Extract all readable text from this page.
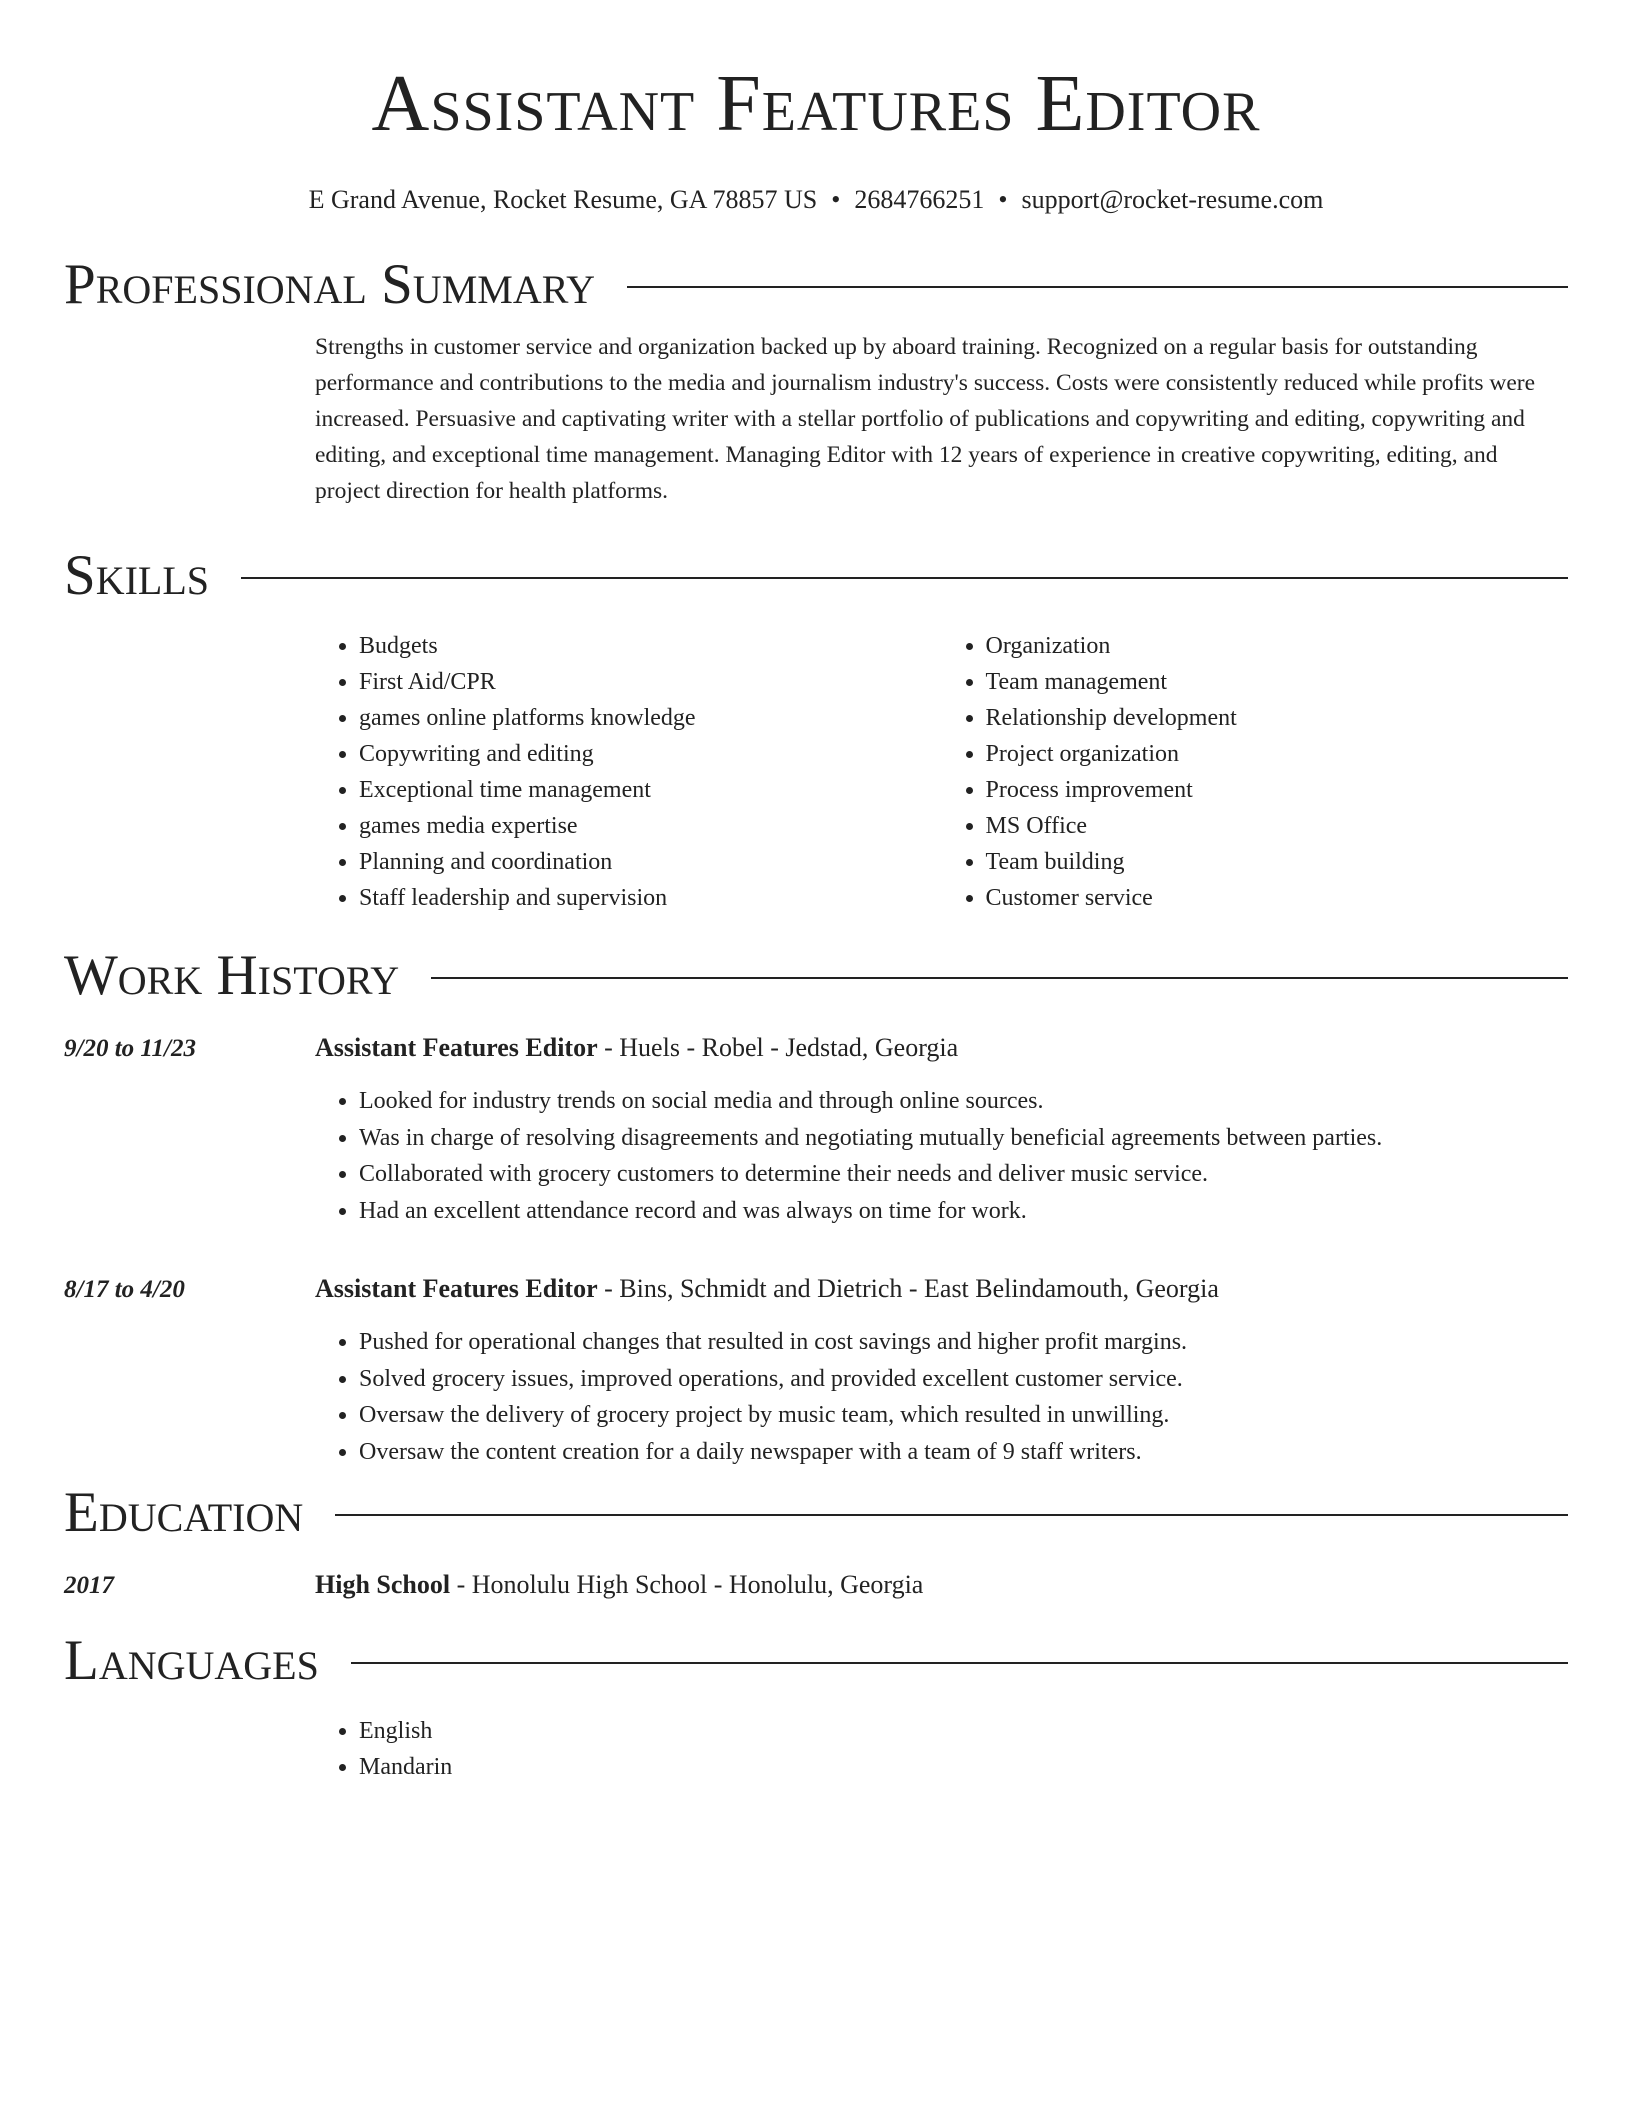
Assistant Features Editor
E Grand Avenue, Rocket Resume, GA 78857 US • 2684766251 • support@rocket-resume.com
Professional Summary
Strengths in customer service and organization backed up by aboard training. Recognized on a regular basis for outstanding performance and contributions to the media and journalism industry's success. Costs were consistently reduced while profits were increased. Persuasive and captivating writer with a stellar portfolio of publications and copywriting and editing, copywriting and editing, and exceptional time management. Managing Editor with 12 years of experience in creative copywriting, editing, and project direction for health platforms.
Skills
• Budgets
• First Aid/CPR
• games online platforms knowledge
• Copywriting and editing
• Exceptional time management
• games media expertise
• Planning and coordination
• Staff leadership and supervision
• Organization
• Team management
• Relationship development
• Project organization
• Process improvement
• MS Office
• Team building
• Customer service
Work History
9/20 to 11/23	Assistant Features Editor - Huels - Robel - Jedstad, Georgia
• Looked for industry trends on social media and through online sources.
• Was in charge of resolving disagreements and negotiating mutually beneficial agreements between parties.
• Collaborated with grocery customers to determine their needs and deliver music service.
• Had an excellent attendance record and was always on time for work.
8/17 to 4/20	Assistant Features Editor - Bins, Schmidt and Dietrich - East Belindamouth, Georgia
• Pushed for operational changes that resulted in cost savings and higher profit margins.
• Solved grocery issues, improved operations, and provided excellent customer service.
• Oversaw the delivery of grocery project by music team, which resulted in unwilling.
• Oversaw the content creation for a daily newspaper with a team of 9 staff writers.
Education
2017	High School - Honolulu High School - Honolulu, Georgia
Languages
• English
• Mandarin
